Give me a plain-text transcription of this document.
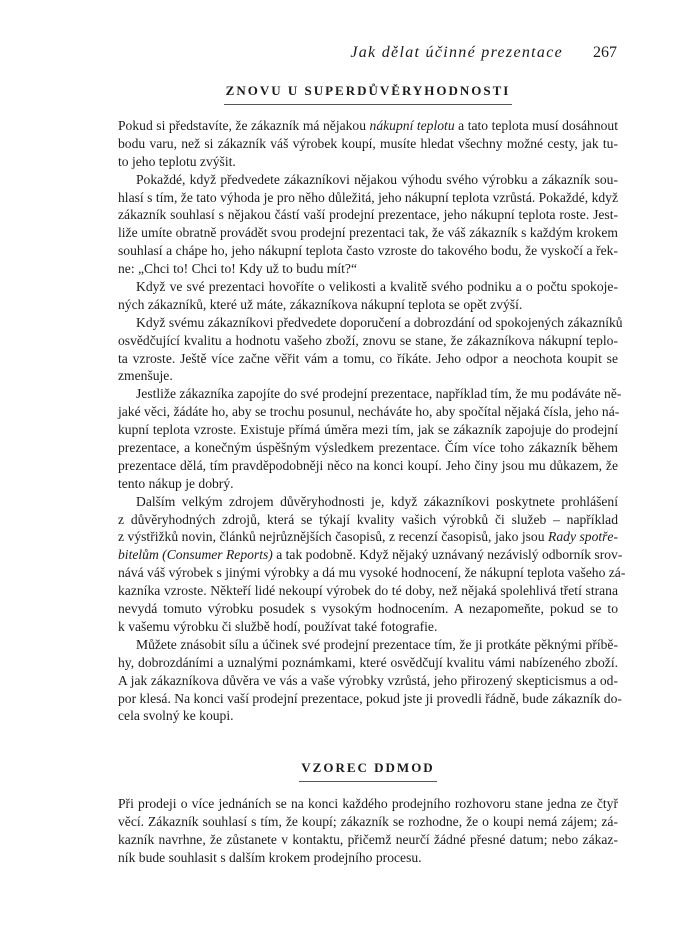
Jak dělat účinné prezentace 267
ZNOVU U SUPERDŮVĚRYHODNOSTI
Pokud si představíte, že zákazník má nějakou nákupní teplotu a tato teplota musí dosáhnout
bodu varu, než si zákazník váš výrobek koupí, musíte hledat všechny možné cesty, jak tu-
to jeho teplotu zvýšit.
Pokaždé, když předvedete zákazníkovi nějakou výhodu svého výrobku a zákazník sou-
hlasí s tím, že tato výhoda je pro něho důležitá, jeho nákupní teplota vzrůstá. Pokaždé, když
zákazník souhlasí s nějakou částí vaší prodejní prezentace, jeho nákupní teplota roste. Jest-
liže umíte obratně provádět svou prodejní prezentaci tak, že váš zákazník s každým krokem
souhlasí a chápe ho, jeho nákupní teplota často vzroste do takového bodu, že vyskočí a řek-
ne: „Chci to! Chci to! Kdy už to budu mít?“
Když ve své prezentaci hovoříte o velikosti a kvalitě svého podniku a o počtu spokoje-
ných zákazníků, které už máte, zákazníkova nákupní teplota se opět zvýší.
Když svému zákazníkovi předvedete doporučení a dobrozdání od spokojených zákazníků
osvědčující kvalitu a hodnotu vašeho zboží, znovu se stane, že zákazníkova nákupní teplo-
ta vzroste. Ještě více začne věřit vám a tomu, co říkáte. Jeho odpor a neochota koupit se
zmenšuje.
Jestliže zákazníka zapojíte do své prodejní prezentace, například tím, že mu podáváte ně-
jaké věci, žádáte ho, aby se trochu posunul, necháváte ho, aby spočítal nějaká čísla, jeho ná-
kupní teplota vzroste. Existuje přímá úměra mezi tím, jak se zákazník zapojuje do prodejní
prezentace, a konečným úspěšným výsledkem prezentace. Čím více toho zákazník během
prezentace dělá, tím pravděpodobněji něco na konci koupí. Jeho činy jsou mu důkazem, že
tento nákup je dobrý.
Dalším velkým zdrojem důvěryhodnosti je, když zákazníkovi poskytnete prohlášení
z důvěryhodných zdrojů, která se týkají kvality vašich výrobků či služeb – například
z výstřižků novin, článků nejrůznějších časopisů, z recenzí časopisů, jako jsou Rady spotře-
bitelům (Consumer Reports) a tak podobně. Když nějaký uznávaný nezávislý odborník srov-
nává váš výrobek s jinými výrobky a dá mu vysoké hodnocení, že nákupní teplota vašeho zá-
kazníka vzroste. Někteří lidé nekoupí výrobek do té doby, než nějaká spolehlivá třetí strana
nevydá tomuto výrobku posudek s vysokým hodnocením. A nezapomeňte, pokud se to
k vašemu výrobku či službě hodí, používat také fotografie.
Můžete znásobit sílu a účinek své prodejní prezentace tím, že ji protkáte pěknými příbě-
hy, dobrozdáními a uznalými poznámkami, které osvědčují kvalitu vámi nabízeného zboží.
A jak zákazníkova důvěra ve vás a vaše výrobky vzrůstá, jeho přirozený skepticismus a od-
por klesá. Na konci vaší prodejní prezentace, pokud jste ji provedli řádně, bude zákazník do-
cela svolný ke koupi.
VZOREC DDMOD
Při prodeji o více jednáních se na konci každého prodejního rozhovoru stane jedna ze čtyř
věcí. Zákazník souhlasí s tím, že koupí; zákazník se rozhodne, že o koupi nemá zájem; zá-
kazník navrhne, že zůstanete v kontaktu, přičemž neurčí žádné přesné datum; nebo zákaz-
ník bude souhlasit s dalším krokem prodejního procesu.
